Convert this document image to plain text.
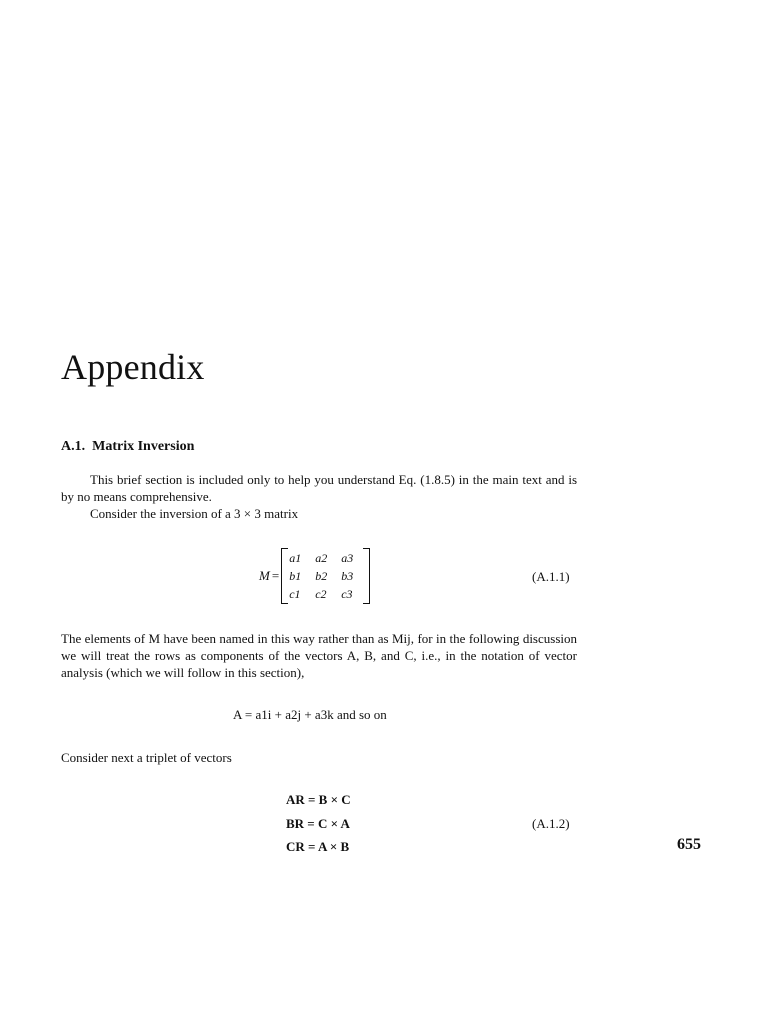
Appendix
A.1. Matrix Inversion

This brief section is included only to help you understand Eq. (1.8.5) in the main text and is by no means comprehensive.

Consider the inversion of a 3 × 3 matrix

M =
a1	a2	a3
b1	b2	b3
c1	c2	c3
(A.1.1)

The elements of M have been named in this way rather than as Mij, for in the following discussion we will treat the rows as components of the vectors A, B, and C, i.e., in the notation of vector analysis (which we will follow in this section),

A = a1i + a2j + a3k and so on

Consider next a triplet of vectors

AR = B × C

BR = C × A

CR = A × B

(A.1.2)

655
